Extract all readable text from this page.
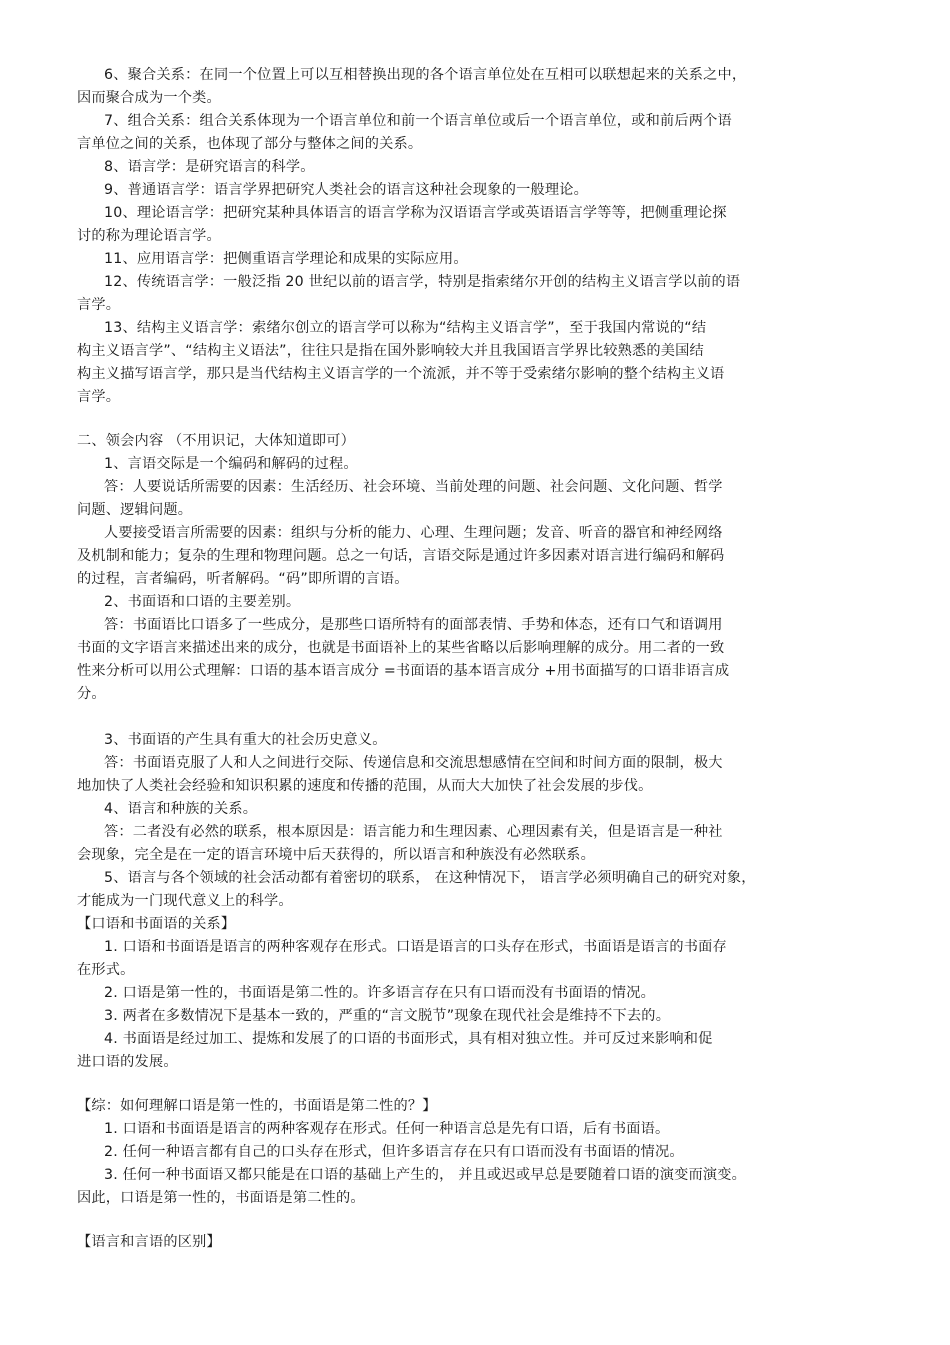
6、聚合关系：在同一个位置上可以互相替换出现的各个语言单位处在互相可以联想起来的关系之中，
因而聚合成为一个类。
7、组合关系：组合关系体现为一个语言单位和前一个语言单位或后一个语言单位，或和前后两个语
言单位之间的关系，也体现了部分与整体之间的关系。
8、语言学：是研究语言的科学。
9、普通语言学：语言学界把研究人类社会的语言这种社会现象的一般理论。
10、理论语言学：把研究某种具体语言的语言学称为汉语语言学或英语语言学等等，把侧重理论探
讨的称为理论语言学。
11、应用语言学：把侧重语言学理论和成果的实际应用。
12、传统语言学：一般泛指 20 世纪以前的语言学，特别是指索绪尔开创的结构主义语言学以前的语
言学。
13、结构主义语言学：索绪尔创立的语言学可以称为“结构主义语言学”，至于我国内常说的“结
构主义语言学”、“结构主义语法”，往往只是指在国外影响较大并且我国语言学界比较熟悉的美国结
构主义描写语言学，那只是当代结构主义语言学的一个流派，并不等于受索绪尔影响的整个结构主义语
言学。
二、领会内容 （不用识记，大体知道即可）
1、言语交际是一个编码和解码的过程。
答：人要说话所需要的因素：生活经历、社会环境、当前处理的问题、社会问题、文化问题、哲学
问题、逻辑问题。
人要接受语言所需要的因素：组织与分析的能力、心理、生理问题；发音、听音的器官和神经网络
及机制和能力；复杂的生理和物理问题。总之一句话，言语交际是通过许多因素对语言进行编码和解码
的过程，言者编码，听者解码。“码”即所谓的言语。
2、书面语和口语的主要差别。
答：书面语比口语多了一些成分，是那些口语所特有的面部表情、手势和体态，还有口气和语调用
书面的文字语言来描述出来的成分，也就是书面语补上的某些省略以后影响理解的成分。用二者的一致
性来分析可以用公式理解：口语的基本语言成分 =书面语的基本语言成分 +用书面描写的口语非语言成
分。
3、书面语的产生具有重大的社会历史意义。
答：书面语克服了人和人之间进行交际、传递信息和交流思想感情在空间和时间方面的限制，极大
地加快了人类社会经验和知识积累的速度和传播的范围，从而大大加快了社会发展的步伐。
4、语言和种族的关系。
答：二者没有必然的联系，根本原因是：语言能力和生理因素、心理因素有关，但是语言是一种社
会现象，完全是在一定的语言环境中后天获得的，所以语言和种族没有必然联系。
5、语言与各个领域的社会活动都有着密切的联系， 在这种情况下， 语言学必须明确自己的研究对象，
才能成为一门现代意义上的科学。
【口语和书面语的关系】
1. 口语和书面语是语言的两种客观存在形式。口语是语言的口头存在形式，书面语是语言的书面存
在形式。
2. 口语是第一性的，书面语是第二性的。许多语言存在只有口语而没有书面语的情况。
3. 两者在多数情况下是基本一致的，严重的“言文脱节”现象在现代社会是维持不下去的。
4. 书面语是经过加工、提炼和发展了的口语的书面形式，具有相对独立性。并可反过来影响和促
进口语的发展。
【综：如何理解口语是第一性的，书面语是第二性的？】
1. 口语和书面语是语言的两种客观存在形式。任何一种语言总是先有口语，后有书面语。
2. 任何一种语言都有自己的口头存在形式，但许多语言存在只有口语而没有书面语的情况。
3. 任何一种书面语又都只能是在口语的基础上产生的， 并且或迟或早总是要随着口语的演变而演变。
因此，口语是第一性的，书面语是第二性的。
【语言和言语的区别】
